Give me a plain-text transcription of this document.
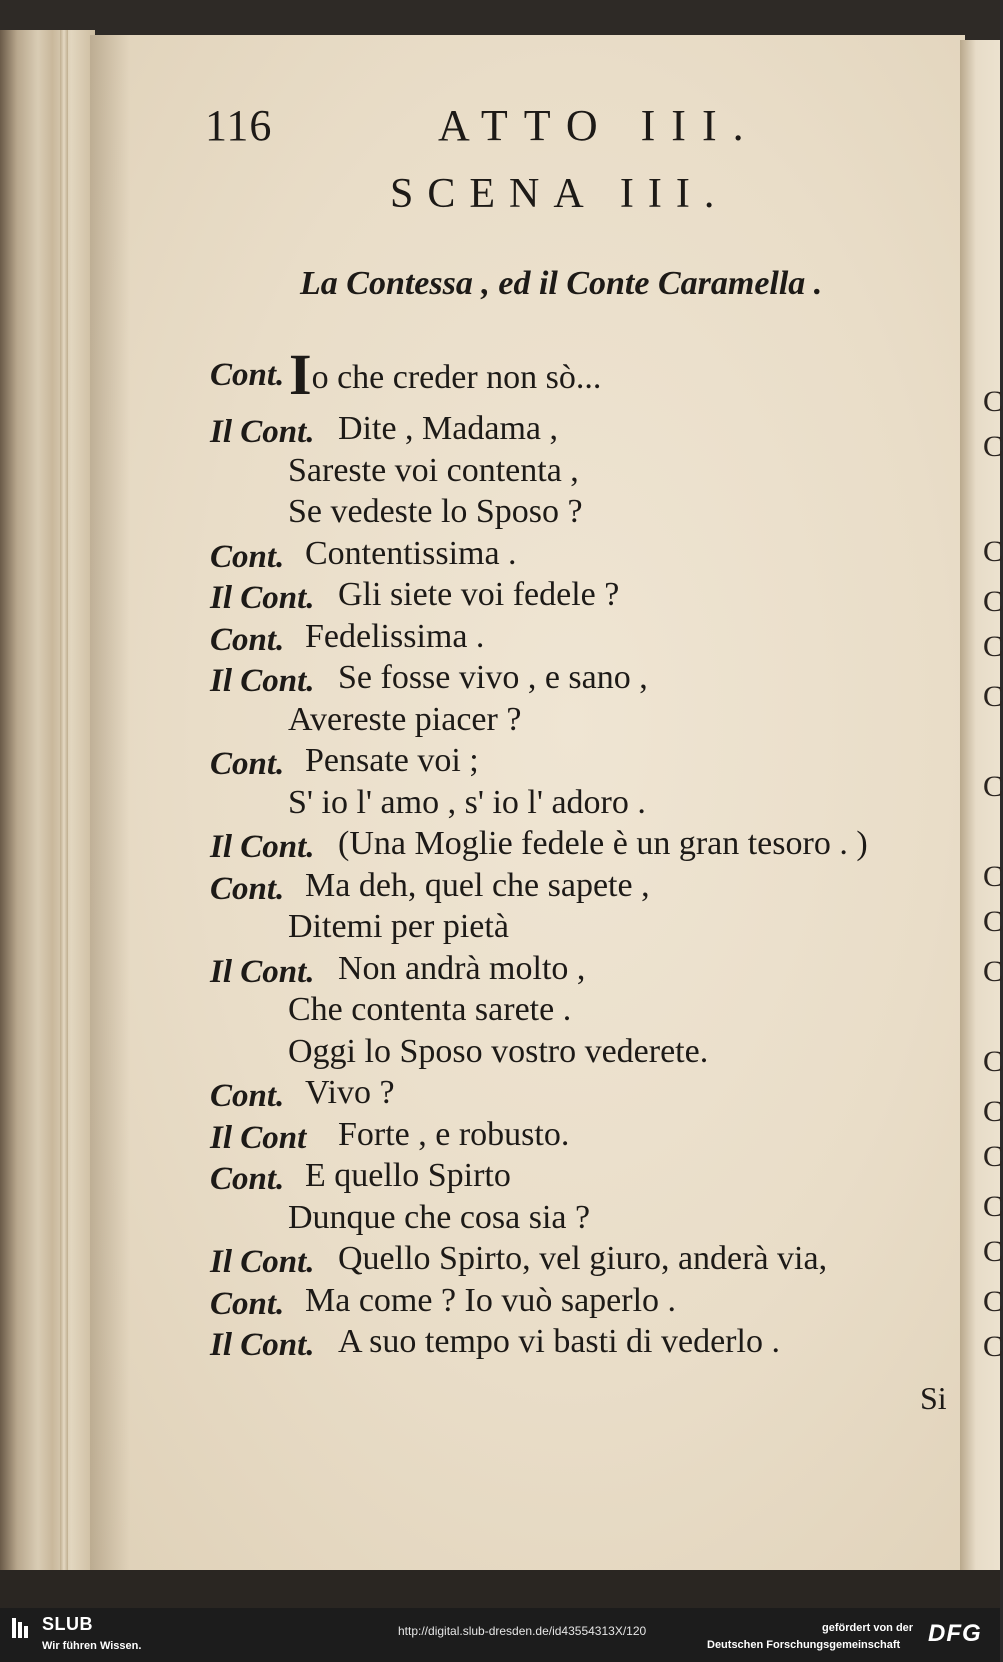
C
C
C
C
C
C
C
C
C
C
C
C
C
C
C
C
C
116	ATTO III.
SCENA III.
La Contessa , ed il Conte Caramella .
Cont. Io che creder non sò...
Il Cont. Dite , Madama ,
Sareste voi contenta ,
Se vedeste lo Sposo ?
Cont. Contentissima .
Il Cont. Gli siete voi fedele ?
Cont. Fedelissima .
Il Cont. Se fosse vivo , e sano ,
Avereste piacer ?
Cont. Pensate voi ;
S' io l' amo , s' io l' adoro .
Il Cont. (Una Moglie fedele è un gran tesoro . )
Cont. Ma deh, quel che sapete ,
Ditemi per pietà
Il Cont. Non andrà molto ,
Che contenta sarete .
Oggi lo Sposo vostro vederete.
Cont. Vivo ?
Il Cont Forte , e robusto.
Cont. E quello Spirto
Dunque che cosa sia ?
Il Cont. Quello Spirto, vel giuro, anderà via,
Cont. Ma come ? Io vuò saperlo .
Il Cont. A suo tempo vi basti di vederlo .
Si
SLUB
Wir führen Wissen.
http://digital.slub-dresden.de/id43554313X/120	gefördert von der
Deutschen Forschungsgemeinschaft DFG
